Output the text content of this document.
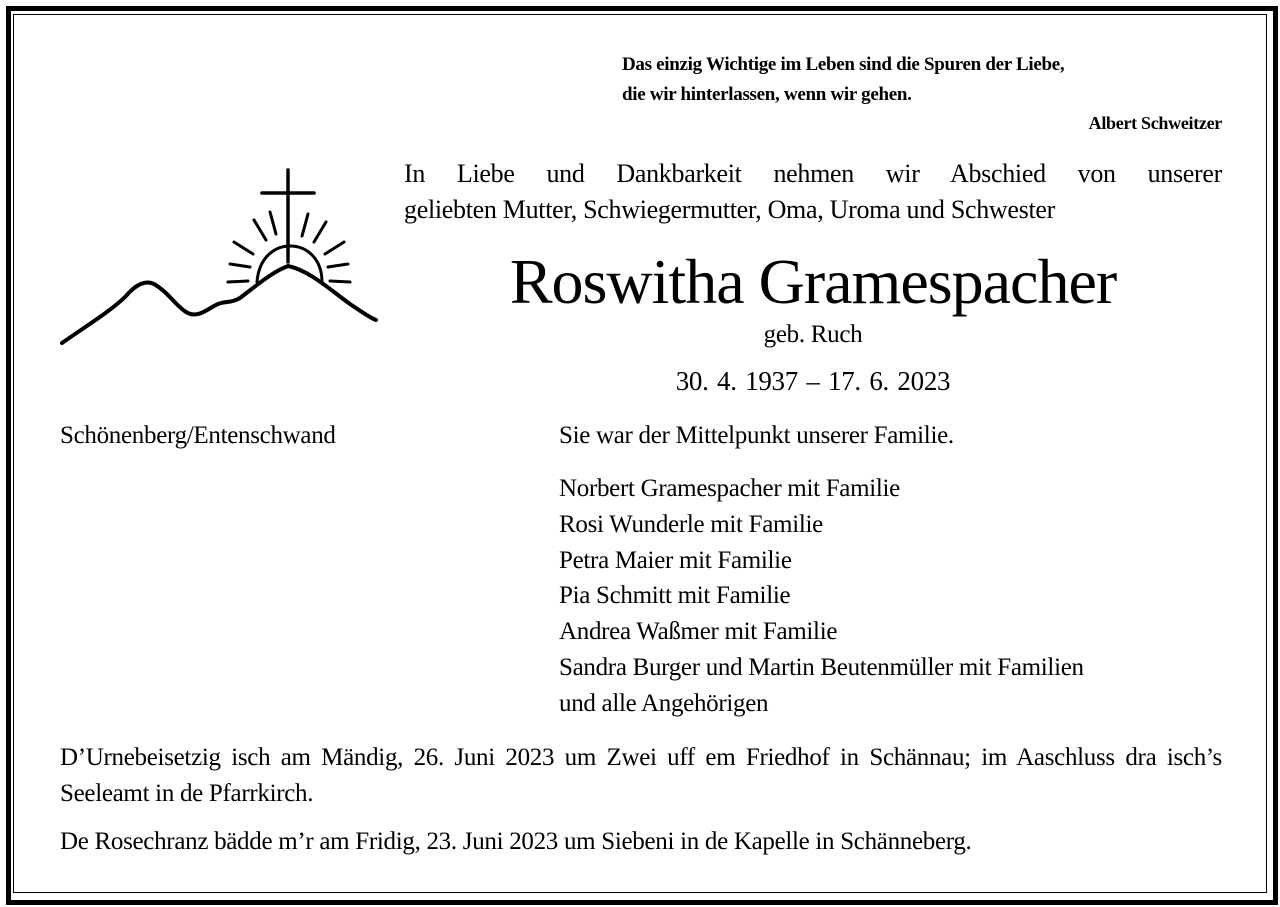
Das einzig Wichtige im Leben sind die Spuren der Liebe,
die wir hinterlassen, wenn wir gehen.
Albert Schweitzer
In Liebe und Dankbarkeit nehmen wir Abschied von unserer
geliebten Mutter, Schwiegermutter, Oma, Uroma und Schwester
Roswitha Gramespacher
geb. Ruch
30. 4. 1937 – 17. 6. 2023
Schönenberg/Entenschwand	Sie war der Mittelpunkt unserer Familie.
Norbert Gramespacher mit Familie
Rosi Wunderle mit Familie
Petra Maier mit Familie
Pia Schmitt mit Familie
Andrea Waßmer mit Familie
Sandra Burger und Martin Beutenmüller mit Familien
und alle Angehörigen
D’Urnebeisetzig isch am Mändig, 26. Juni 2023 um Zwei uff em Friedhof in Schännau; im Aaschluss dra isch’s Seeleamt in de Pfarrkirch.
De Rosechranz bädde m’r am Fridig, 23. Juni 2023 um Siebeni in de Kapelle in Schänneberg.
